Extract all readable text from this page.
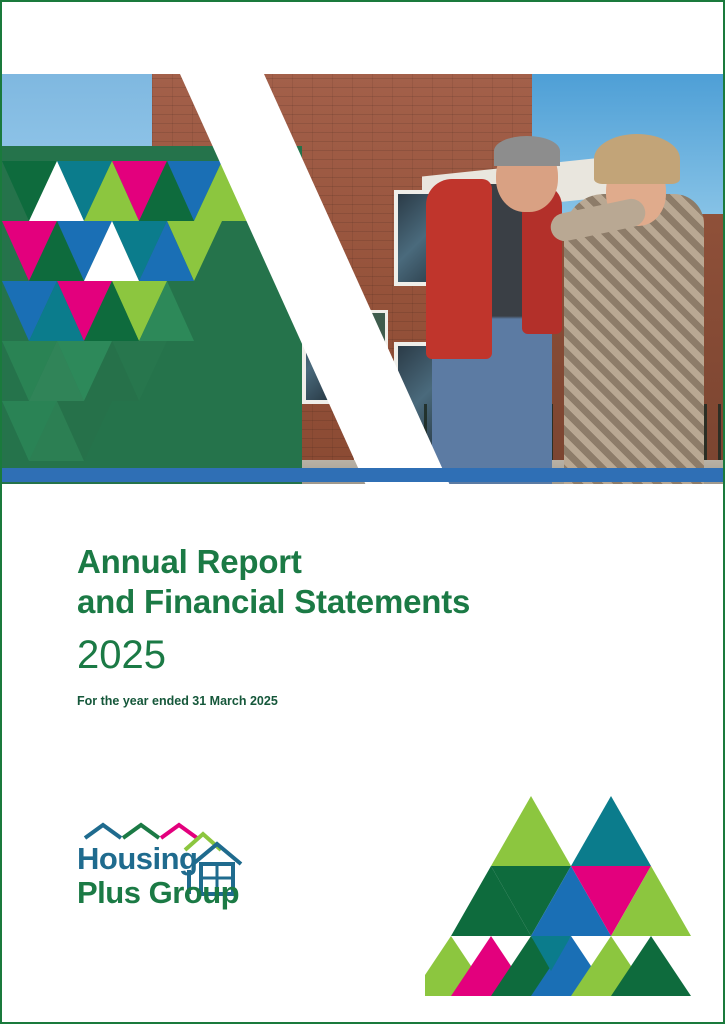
Annual Report
and Financial Statements
2025
For the year ended 31 March 2025
Housing
Plus Group
